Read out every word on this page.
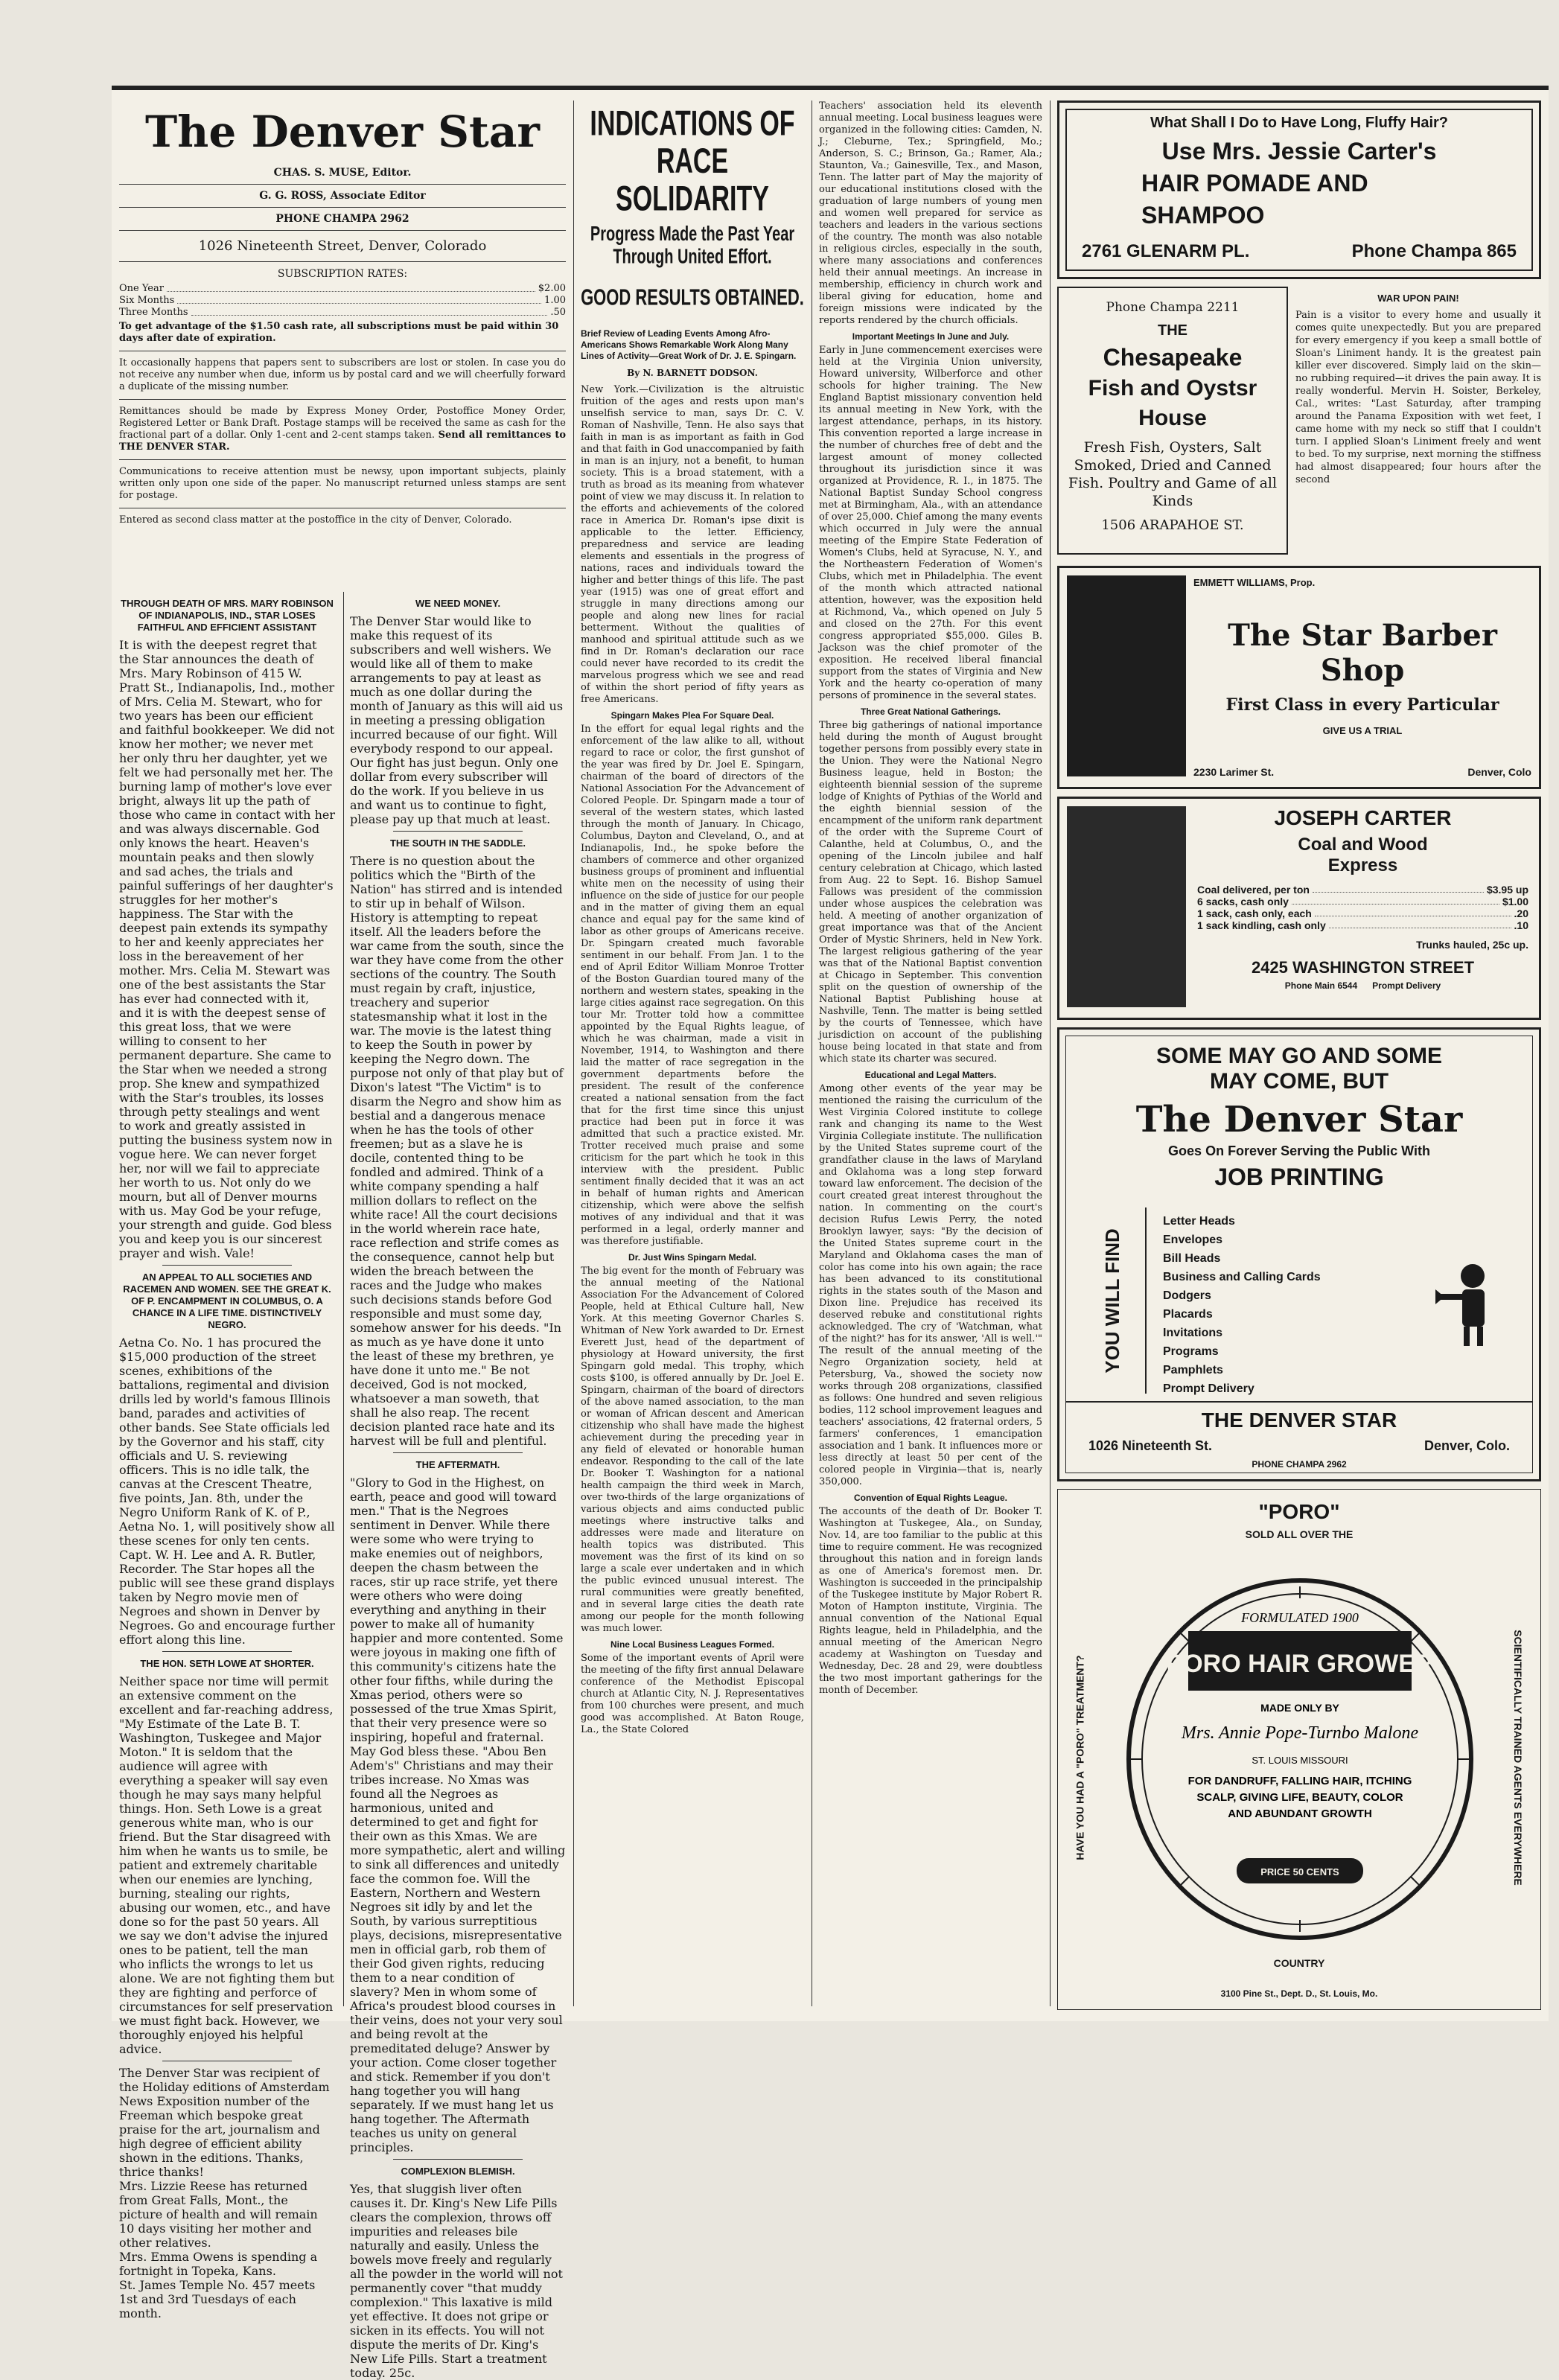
The Denver Star
CHAS. S. MUSE, Editor.
G. G. ROSS, Associate Editor
PHONE CHAMPA 2962
1026 Nineteenth Street, Denver, Colorado
SUBSCRIPTION RATES:
One Year	$2.00
Six Months	1.00
Three Months	.50
To get advantage of the $1.50 cash rate, all subscriptions must be paid within 30 days after date of expiration.
It occasionally happens that papers sent to subscribers are lost or stolen. In case you do not receive any number when due, inform us by postal card and we will cheerfully forward a duplicate of the missing number.
Remittances should be made by Express Money Order, Postoffice Money Order, Registered Letter or Bank Draft. Postage stamps will be received the same as cash for the fractional part of a dollar. Only 1-cent and 2-cent stamps taken. Send all remittances to THE DENVER STAR.
Communications to receive attention must be newsy, upon important subjects, plainly written only upon one side of the paper. No manuscript returned unless stamps are sent for postage.
Entered as second class matter at the postoffice in the city of Denver, Colorado.
THROUGH DEATH OF MRS. MARY ROBINSON OF INDIANAPOLIS, IND., STAR LOSES FAITHFUL AND EFFICIENT ASSISTANT

It is with the deepest regret that the Star announces the death of Mrs. Mary Robinson of 415 W. Pratt St., Indianapolis, Ind., mother of Mrs. Celia M. Stewart, who for two years has been our efficient and faithful bookkeeper. We did not know her mother; we never met her only thru her daughter, yet we felt we had personally met her. The burning lamp of mother's love ever bright, always lit up the path of those who came in contact with her and was always discernable. God only knows the heart. Heaven's mountain peaks and then slowly and sad aches, the trials and painful sufferings of her daughter's struggles for her mother's happiness. The Star with the deepest pain extends its sympathy to her and keenly appreciates her loss in the bereavement of her mother. Mrs. Celia M. Stewart was one of the best assistants the Star has ever had connected with it, and it is with the deepest sense of this great loss, that we were willing to consent to her permanent departure. She came to the Star when we needed a strong prop. She knew and sympathized with the Star's troubles, its losses through petty stealings and went to work and greatly assisted in putting the business system now in vogue here. We can never forget her, nor will we fail to appreciate her worth to us. Not only do we mourn, but all of Denver mourns with us. May God be your refuge, your strength and guide. God bless you and keep you is our sincerest prayer and wish. Vale!

AN APPEAL TO ALL SOCIETIES AND RACEMEN AND WOMEN. SEE THE GREAT K. OF P. ENCAMPMENT IN COLUMBUS, O. A CHANCE IN A LIFE TIME. DISTINCTIVELY NEGRO.

Aetna Co. No. 1 has procured the $15,000 production of the street scenes, exhibitions of the battalions, regimental and division drills led by world's famous Illinois band, parades and activities of other bands. See State officials led by the Governor and his staff, city officials and U. S. reviewing officers. This is no idle talk, the canvas at the Crescent Theatre, five points, Jan. 8th, under the Negro Uniform Rank of K. of P., Aetna No. 1, will positively show all these scenes for only ten cents. Capt. W. H. Lee and A. R. Butler, Recorder. The Star hopes all the public will see these grand displays taken by Negro movie men of Negroes and shown in Denver by Negroes. Go and encourage further effort along this line.

THE HON. SETH LOWE AT SHORTER.

Neither space nor time will permit an extensive comment on the excellent and far-reaching address, "My Estimate of the Late B. T. Washington, Tuskegee and Major Moton." It is seldom that the audience will agree with everything a speaker will say even though he may says many helpful things. Hon. Seth Lowe is a great generous white man, who is our friend. But the Star disagreed with him when he wants us to smile, be patient and extremely charitable when our enemies are lynching, burning, stealing our rights, abusing our women, etc., and have done so for the past 50 years. All we say we don't advise the injured ones to be patient, tell the man who inflicts the wrongs to let us alone. We are not fighting them but they are fighting and perforce of circumstances for self preservation we must fight back. However, we thoroughly enjoyed his helpful advice.

The Denver Star was recipient of the Holiday editions of Amsterdam News Exposition number of the Freeman which bespoke great praise for the art, journalism and high degree of efficient ability shown in the editions. Thanks, thrice thanks!

Mrs. Lizzie Reese has returned from Great Falls, Mont., the picture of health and will remain 10 days visiting her mother and other relatives.

Mrs. Emma Owens is spending a fortnight in Topeka, Kans.

St. James Temple No. 457 meets 1st and 3rd Tuesdays of each month.

WE NEED MONEY.

The Denver Star would like to make this request of its subscribers and well wishers. We would like all of them to make arrangements to pay at least as much as one dollar during the month of January as this will aid us in meeting a pressing obligation incurred because of our fight. Will everybody respond to our appeal. Our fight has just begun. Only one dollar from every subscriber will do the work. If you believe in us and want us to continue to fight, please pay up that much at least.

THE SOUTH IN THE SADDLE.

There is no question about the politics which the "Birth of the Nation" has stirred and is intended to stir up in behalf of Wilson. History is attempting to repeat itself. All the leaders before the war came from the south, since the war they have come from the other sections of the country. The South must regain by craft, injustice, treachery and superior statesmanship what it lost in the war. The movie is the latest thing to keep the South in power by keeping the Negro down. The purpose not only of that play but of Dixon's latest "The Victim" is to disarm the Negro and show him as bestial and a dangerous menace when he has the tools of other freemen; but as a slave he is docile, contented thing to be fondled and admired. Think of a white company spending a half million dollars to reflect on the white race! All the court decisions in the world wherein race hate, race reflection and strife comes as the consequence, cannot help but widen the breach between the races and the Judge who makes such decisions stands before God responsible and must some day, somehow answer for his deeds. "In as much as ye have done it unto the least of these my brethren, ye have done it unto me." Be not deceived, God is not mocked, whatsoever a man soweth, that shall he also reap. The recent decision planted race hate and its harvest will be full and plentiful.

THE AFTERMATH.

"Glory to God in the Highest, on earth, peace and good will toward men." That is the Negroes sentiment in Denver. While there were some who were trying to make enemies out of neighbors, deepen the chasm between the races, stir up race strife, yet there were others who were doing everything and anything in their power to make all of humanity happier and more contented. Some were joyous in making one fifth of this community's citizens hate the other four fifths, while during the Xmas period, others were so possessed of the true Xmas Spirit, that their very presence were so inspiring, hopeful and fraternal. May God bless these. "Abou Ben Adem's" Christians and may their tribes increase. No Xmas was found all the Negroes as harmonious, united and determined to get and fight for their own as this Xmas. We are more sympathetic, alert and willing to sink all differences and unitedly face the common foe. Will the Eastern, Northern and Western Negroes sit idly by and let the South, by various surreptitious plays, decisions, misrepresentative men in official garb, rob them of their God given rights, reducing them to a near condition of slavery? Men in whom some of Africa's proudest blood courses in their veins, does not your very soul and being revolt at the premeditated deluge? Answer by your action. Come closer together and stick. Remember if you don't hang together you will hang separately. If we must hang let us hang together. The Aftermath teaches us unity on general principles.

COMPLEXION BLEMISH.

Yes, that sluggish liver often causes it. Dr. King's New Life Pills clears the complexion, throws off impurities and releases bile naturally and easily. Unless the bowels move freely and regularly all the powder in the world will not permanently cover "that muddy complexion." This laxative is mild yet effective. It does not gripe or sicken in its effects. You will not dispute the merits of Dr. King's New Life Pills. Start a treatment today. 25c.

INDICATIONS OF RACE SOLIDARITY
Progress Made the Past Year Through United Effort.
GOOD RESULTS OBTAINED.
Brief Review of Leading Events Among Afro-Americans Shows Remarkable Work Along Many Lines of Activity—Great Work of Dr. J. E. Spingarn.
By N. BARNETT DODSON.

New York.—Civilization is the altruistic fruition of the ages and rests upon man's unselfish service to man, says Dr. C. V. Roman of Nashville, Tenn. He also says that faith in man is as important as faith in God and that faith in God unaccompanied by faith in man is an injury, not a benefit, to human society. This is a broad statement, with a truth as broad as its meaning from whatever point of view we may discuss it. In relation to the efforts and achievements of the colored race in America Dr. Roman's ipse dixit is applicable to the letter. Efficiency, preparedness and service are leading elements and essentials in the progress of nations, races and individuals toward the higher and better things of this life. The past year (1915) was one of great effort and struggle in many directions among our people and along new lines for racial betterment. Without the qualities of manhood and spiritual attitude such as we find in Dr. Roman's declaration our race could never have recorded to its credit the marvelous progress which we see and read of within the short period of fifty years as free Americans.

Spingarn Makes Plea For Square Deal.

In the effort for equal legal rights and the enforcement of the law alike to all, without regard to race or color, the first gunshot of the year was fired by Dr. Joel E. Spingarn, chairman of the board of directors of the National Association For the Advancement of Colored People. Dr. Spingarn made a tour of several of the western states, which lasted through the month of January. In Chicago, Columbus, Dayton and Cleveland, O., and at Indianapolis, Ind., he spoke before the chambers of commerce and other organized business groups of prominent and influential white men on the necessity of using their influence on the side of justice for our people and in the matter of giving them an equal chance and equal pay for the same kind of labor as other groups of Americans receive. Dr. Spingarn created much favorable sentiment in our behalf. From Jan. 1 to the end of April Editor William Monroe Trotter of the Boston Guardian toured many of the northern and western states, speaking in the large cities against race segregation. On this tour Mr. Trotter told how a committee appointed by the Equal Rights league, of which he was chairman, made a visit in November, 1914, to Washington and there laid the matter of race segregation in the government departments before the president. The result of the conference created a national sensation from the fact that for the first time since this unjust practice had been put in force it was admitted that such a practice existed. Mr. Trotter received much praise and some criticism for the part which he took in this interview with the president. Public sentiment finally decided that it was an act in behalf of human rights and American citizenship, which were above the selfish motives of any individual and that it was performed in a legal, orderly manner and was therefore justifiable.

Dr. Just Wins Spingarn Medal.

The big event for the month of February was the annual meeting of the National Association For the Advancement of Colored People, held at Ethical Culture hall, New York. At this meeting Governor Charles S. Whitman of New York awarded to Dr. Ernest Everett Just, head of the department of physiology at Howard university, the first Spingarn gold medal. This trophy, which costs $100, is offered annually by Dr. Joel E. Spingarn, chairman of the board of directors of the above named association, to the man or woman of African descent and American citizenship who shall have made the highest achievement during the preceding year in any field of elevated or honorable human endeavor. Responding to the call of the late Dr. Booker T. Washington for a national health campaign the third week in March, over two-thirds of the large organizations of various objects and aims conducted public meetings where instructive talks and addresses were made and literature on health topics was distributed. This movement was the first of its kind on so large a scale ever undertaken and in which the public evinced unusual interest. The rural communities were greatly benefited, and in several large cities the death rate among our people for the month following was much lower.

Nine Local Business Leagues Formed.

Some of the important events of April were the meeting of the fifty first annual Delaware conference of the Methodist Episcopal church at Atlantic City, N. J. Representatives from 100 churches were present, and much good was accomplished. At Baton Rouge, La., the State Colored

Teachers' association held its eleventh annual meeting. Local business leagues were organized in the following cities: Camden, N. J.; Cleburne, Tex.; Springfield, Mo.; Anderson, S. C.; Brinson, Ga.; Ramer, Ala.; Staunton, Va.; Gainesville, Tex., and Mason, Tenn. The latter part of May the majority of our educational institutions closed with the graduation of large numbers of young men and women well prepared for service as teachers and leaders in the various sections of the country. The month was also notable in religious circles, especially in the south, where many associations and conferences held their annual meetings. An increase in membership, efficiency in church work and liberal giving for education, home and foreign missions were indicated by the reports rendered by the church officials.

Important Meetings In June and July.

Early in June commencement exercises were held at the Virginia Union university, Howard university, Wilberforce and other schools for higher training. The New England Baptist missionary convention held its annual meeting in New York, with the largest attendance, perhaps, in its history. This convention reported a large increase in the number of churches free of debt and the largest amount of money collected throughout its jurisdiction since it was organized at Providence, R. I., in 1875. The National Baptist Sunday School congress met at Birmingham, Ala., with an attendance of over 25,000. Chief among the many events which occurred in July were the annual meeting of the Empire State Federation of Women's Clubs, held at Syracuse, N. Y., and the Northeastern Federation of Women's Clubs, which met in Philadelphia. The event of the month which attracted national attention, however, was the exposition held at Richmond, Va., which opened on July 5 and closed on the 27th. For this event congress appropriated $55,000. Giles B. Jackson was the chief promoter of the exposition. He received liberal financial support from the states of Virginia and New York and the hearty co-operation of many persons of prominence in the several states.

Three Great National Gatherings.

Three big gatherings of national importance held during the month of August brought together persons from possibly every state in the Union. They were the National Negro Business league, held in Boston; the eighteenth biennial session of the supreme lodge of Knights of Pythias of the World and the eighth biennial session of the encampment of the uniform rank department of the order with the Supreme Court of Calanthe, held at Columbus, O., and the opening of the Lincoln jubilee and half century celebration at Chicago, which lasted from Aug. 22 to Sept. 16. Bishop Samuel Fallows was president of the commission under whose auspices the celebration was held. A meeting of another organization of great importance was that of the Ancient Order of Mystic Shriners, held in New York. The largest religious gathering of the year was that of the National Baptist convention at Chicago in September. This convention split on the question of ownership of the National Baptist Publishing house at Nashville, Tenn. The matter is being settled by the courts of Tennessee, which have jurisdiction on account of the publishing house being located in that state and from which state its charter was secured.

Educational and Legal Matters.

Among other events of the year may be mentioned the raising the curriculum of the West Virginia Colored institute to college rank and changing its name to the West Virginia Collegiate institute. The nullification by the United States supreme court of the grandfather clause in the laws of Maryland and Oklahoma was a long step forward toward law enforcement. The decision of the court created great interest throughout the nation. In commenting on the court's decision Rufus Lewis Perry, the noted Brooklyn lawyer, says: "By the decision of the United States supreme court in the Maryland and Oklahoma cases the man of color has come into his own again; the race has been advanced to its constitutional rights in the states south of the Mason and Dixon line. Prejudice has received its deserved rebuke and constitutional rights acknowledged. The cry of 'Watchman, what of the night?' has for its answer, 'All is well.'" The result of the annual meeting of the Negro Organization society, held at Petersburg, Va., showed the society now works through 208 organizations, classified as follows: One hundred and seven religious bodies, 112 school improvement leagues and teachers' associations, 42 fraternal orders, 5 farmers' conferences, 1 emancipation association and 1 bank. It influences more or less directly at least 50 per cent of the colored people in Virginia—that is, nearly 350,000.

Convention of Equal Rights League.

The accounts of the death of Dr. Booker T. Washington at Tuskegee, Ala., on Sunday, Nov. 14, are too familiar to the public at this time to require comment. He was recognized throughout this nation and in foreign lands as one of America's foremost men. Dr. Washington is succeeded in the principalship of the Tuskegee institute by Major Robert R. Moton of Hampton institute, Virginia. The annual convention of the National Equal Rights league, held in Philadelphia, and the annual meeting of the American Negro academy at Washington on Tuesday and Wednesday, Dec. 28 and 29, were doubtless the two most important gatherings for the month of December.

What Shall I Do to Have Long, Fluffy Hair?
Use Mrs. Jessie Carter's
HAIR POMADE AND
SHAMPOO
2761 GLENARM PL.	Phone Champa 865
Phone Champa 2211
THE
Chesapeake
Fish and Oystsr
House
Fresh Fish, Oysters, Salt Smoked, Dried and Canned Fish. Poultry and Game of all Kinds
1506 ARAPAHOE ST.
WAR UPON PAIN!

Pain is a visitor to every home and usually it comes quite unexpectedly. But you are prepared for every emergency if you keep a small bottle of Sloan's Liniment handy. It is the greatest pain killer ever discovered. Simply laid on the skin—no rubbing required—it drives the pain away. It is really wonderful. Mervin H. Soister, Berkeley, Cal., writes: "Last Saturday, after tramping around the Panama Exposition with wet feet, I came home with my neck so stiff that I couldn't turn. I applied Sloan's Liniment freely and went to bed. To my surprise, next morning the stiffness had almost disappeared; four hours after the second

EMMETT WILLIAMS, Prop.
The Star Barber Shop
First Class in every Particular
GIVE US A TRIAL
2230 Larimer St.	Denver, Colo
JOSEPH CARTER
Coal and Wood
Express
Coal delivered, per ton	$3.95 up
6 sacks, cash only	$1.00
1 sack, cash only, each	.20
1 sack kindling, cash only	.10
Trunks hauled, 25c up.
2425 WASHINGTON STREET
Phone Main 6544 Prompt Delivery
SOME MAY GO AND SOME
MAY COME, BUT
The Denver Star
Goes On Forever Serving the Public With
JOB PRINTING
YOU WILL FIND
Letter Heads
Envelopes
Bill Heads
Business and Calling Cards
Dodgers
Placards
Invitations
Programs
Pamphlets
Prompt Delivery
THE DENVER STAR
1026 Nineteenth St.	Denver, Colo.
PHONE CHAMPA 2962
"PORO"
SOLD ALL OVER THE
HAVE YOU HAD A "PORO" TREATMENT?	SCIENTIFICALLY TRAINED AGENTS EVERYWHERE
FORMULATED 1900
PORO HAIR GROWER
MADE ONLY BY
Mrs. Annie Pope-Turnbo Malone
ST. LOUIS MISSOURI
FOR DANDRUFF, FALLING HAIR, ITCHING
SCALP, GIVING LIFE, BEAUTY, COLOR
AND ABUNDANT GROWTH
PRICE 50 CENTS
COUNTRY
3100 Pine St., Dept. D., St. Louis, Mo.
